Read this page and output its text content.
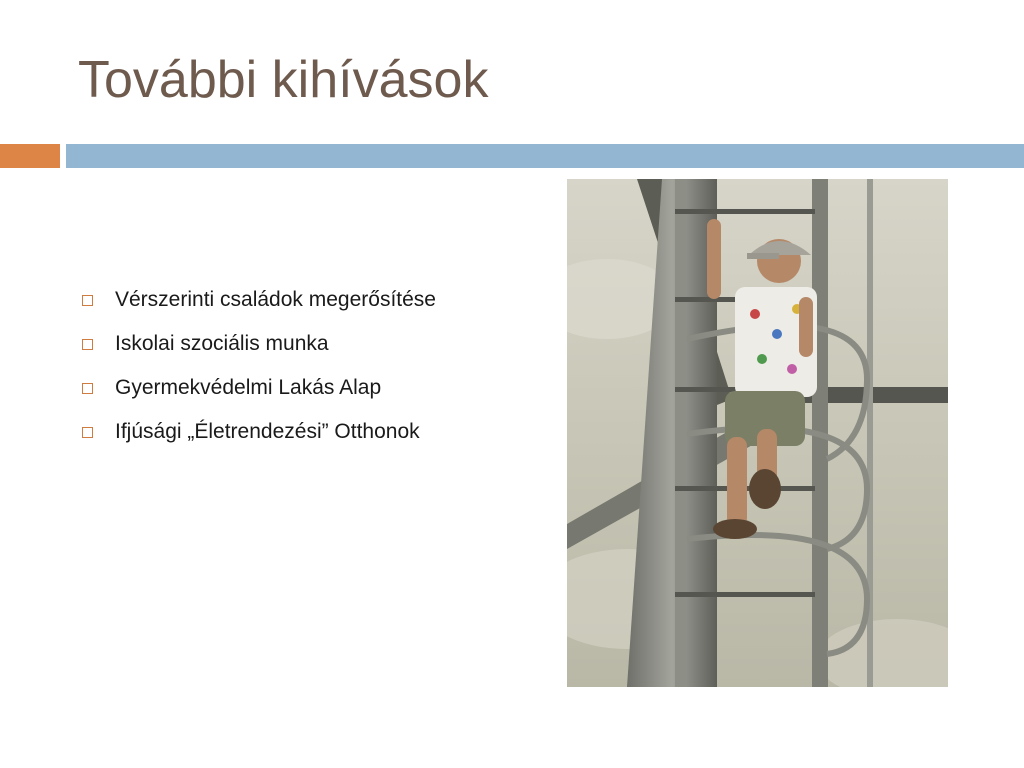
További kihívások
Vérszerinti családok megerősítése
Iskolai szociális munka
Gyermekvédelmi Lakás Alap
Ifjúsági „Életrendezési” Otthonok
